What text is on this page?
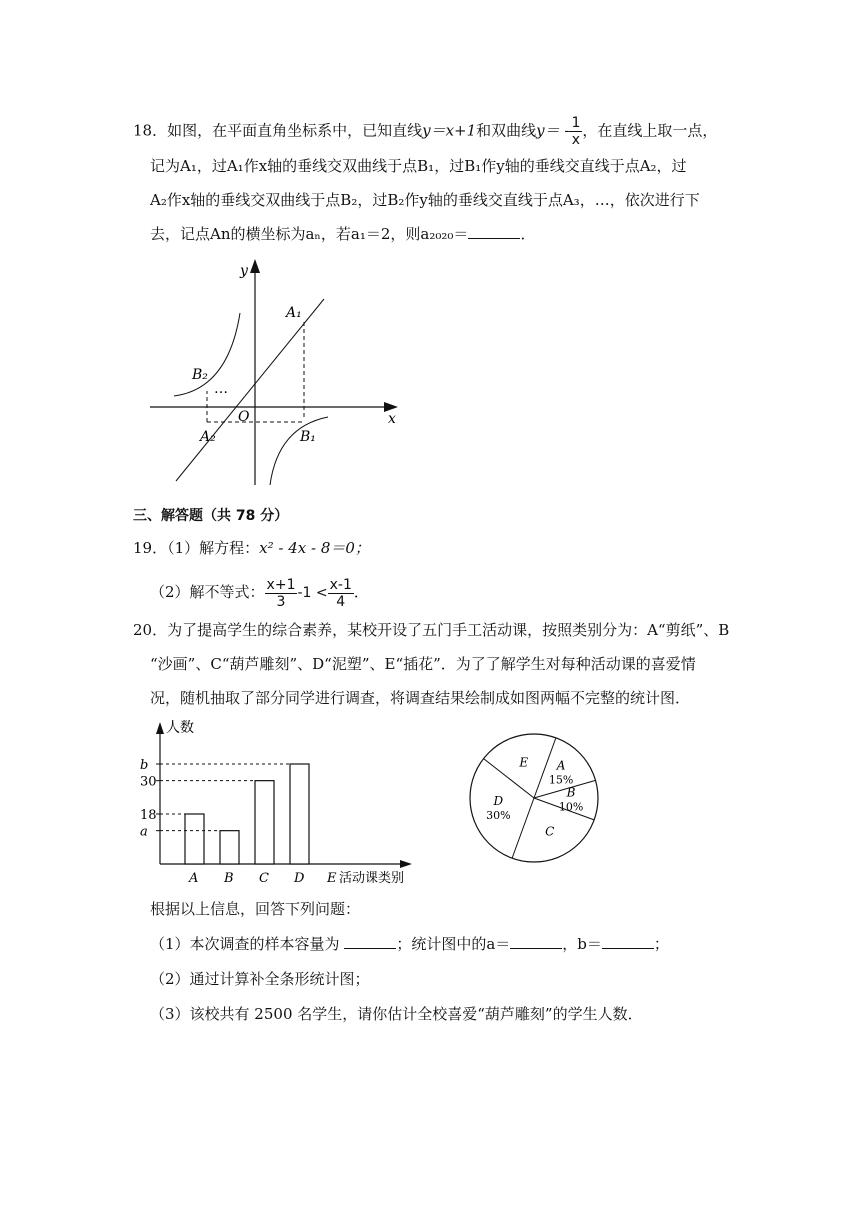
18．如图，在平面直角坐标系中，已知直线y＝x+1和双曲线$y= - \frac{1}{x}$ ，在直线上取一点，
记为A₁，过A₁作x轴的垂线交双曲线于点B₁，过B₁作y轴的垂线交直线于点A₂，过
A₂作x轴的垂线交双曲线于点B₂，过B₂作y轴的垂线交直线于点A₃，…，依次进行下
去，记点An的横坐标为aₙ，若a₁＝2，则a₂₀₂₀＝	．
y
x
O
A₁
A₂	B₁
B₂
…
三、解答题（共 78 分）
19．（1）解方程：x² - 4x - 8＝0；
（2）解不等式： $\frac{x+1}{3} -1 < \frac{x-1}{4}$ ．
20．为了提高学生的综合素养，某校开设了五门手工活动课，按照类别分为：A“剪纸”、B
“沙画”、C“葫芦雕刻”、D“泥塑”、E“插花”．为了了解学生对每种活动课的喜爱情
况，随机抽取了部分同学进行调查，将调查结果绘制成如图两幅不完整的统计图．
人数
a
18
30
b
A B C D E 活动课类别
A
15%
B
10%
C
D
30%
E
根据以上信息，回答下列问题：
（1）本次调查的样本容量为	；统计图中的a＝	，b＝	；
（2）通过计算补全条形统计图；
（3）该校共有 2500 名学生，请你估计全校喜爱“葫芦雕刻”的学生人数．
